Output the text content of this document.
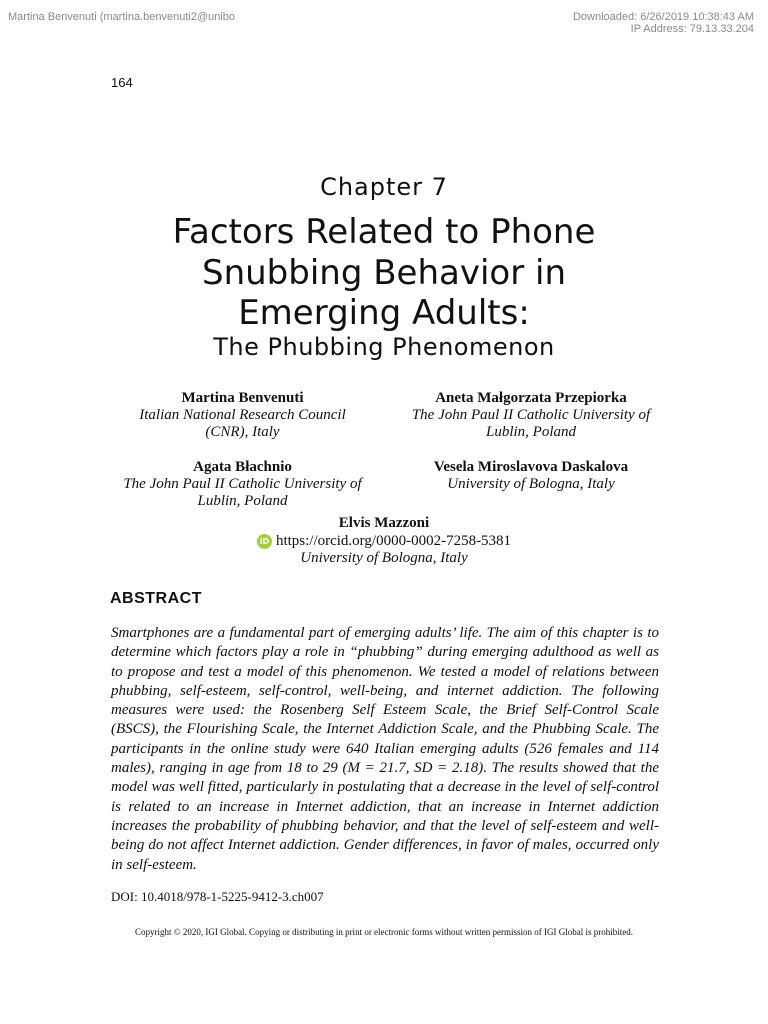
Martina Benvenuti (martina.benvenuti2@unibo	Downloaded: 6/26/2019 10:38:43 AM
IP Address: 79.13.33.204
164
Chapter 7
Factors Related to Phone
Snubbing Behavior in
Emerging Adults:
The Phubbing Phenomenon
Martina Benvenuti
Italian National Research Council
(CNR), Italy
Aneta Małgorzata Przepiorka
The John Paul II Catholic University of
Lublin, Poland
Agata Błachnio
The John Paul II Catholic University of
Lublin, Poland
Vesela Miroslavova Daskalova
University of Bologna, Italy
Elvis Mazzoni
iD https://orcid.org/0000-0002-7258-5381
University of Bologna, Italy
ABSTRACT
Smartphones are a fundamental part of emerging adults’ life. The aim of this chapter is to determine which factors play a role in “phubbing” during emerging adulthood as well as to propose and test a model of this phenomenon. We tested a model of relations between phubbing, self-esteem, self-control, well-being, and internet addiction. The following measures were used: the Rosenberg Self Esteem Scale, the Brief Self-Control Scale (BSCS), the Flourishing Scale, the Internet Addiction Scale, and the Phubbing Scale. The participants in the online study were 640 Italian emerging adults (526 females and 114 males), ranging in age from 18 to 29 (M = 21.7, SD = 2.18). The results showed that the model was well fitted, particularly in postulating that a decrease in the level of self-control is related to an increase in Internet addiction, that an increase in Internet addiction increases the probability of phubbing behavior, and that the level of self-esteem and well-being do not affect Internet addiction. Gender differences, in favor of males, occurred only in self-esteem.
DOI: 10.4018/978-1-5225-9412-3.ch007
Copyright © 2020, IGI Global. Copying or distributing in print or electronic forms without written permission of IGI Global is prohibited.
